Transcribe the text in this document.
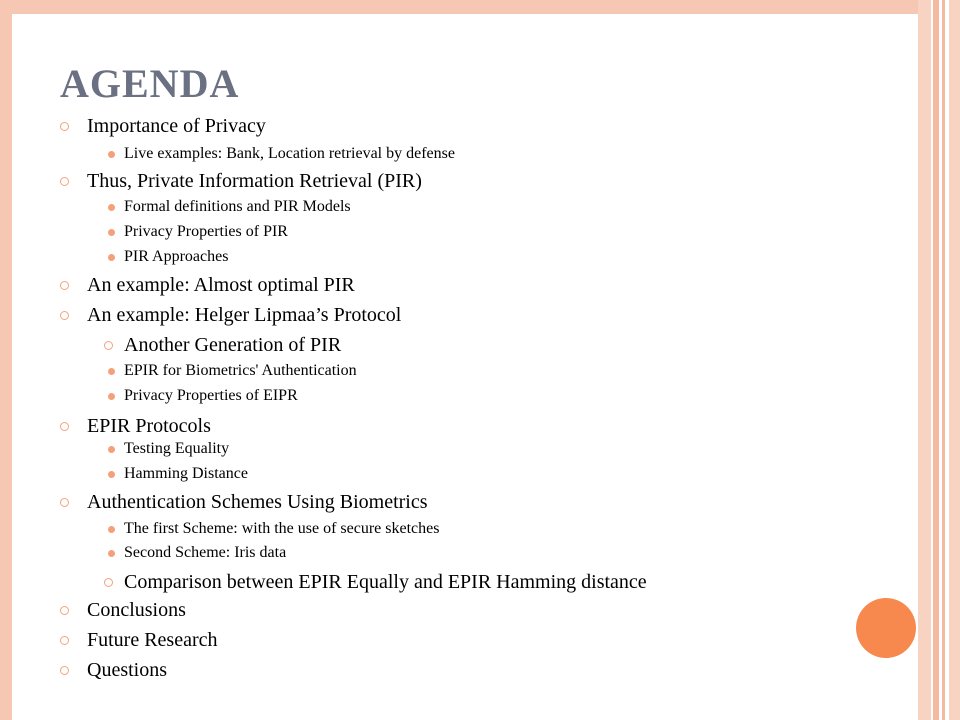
AGENDA
Importance of Privacy
Live examples: Bank, Location retrieval by defense
Thus, Private Information Retrieval (PIR)
Formal definitions and PIR Models
Privacy Properties of PIR
PIR Approaches
An example: Almost optimal PIR
An example: Helger Lipmaa’s Protocol
Another Generation of PIR
EPIR for Biometrics' Authentication
Privacy Properties of EIPR
EPIR Protocols
Testing Equality
Hamming Distance
Authentication Schemes Using Biometrics
The first Scheme: with the use of secure sketches
Second Scheme: Iris data
Comparison between EPIR Equally and EPIR Hamming distance
Conclusions
Future Research
Questions
